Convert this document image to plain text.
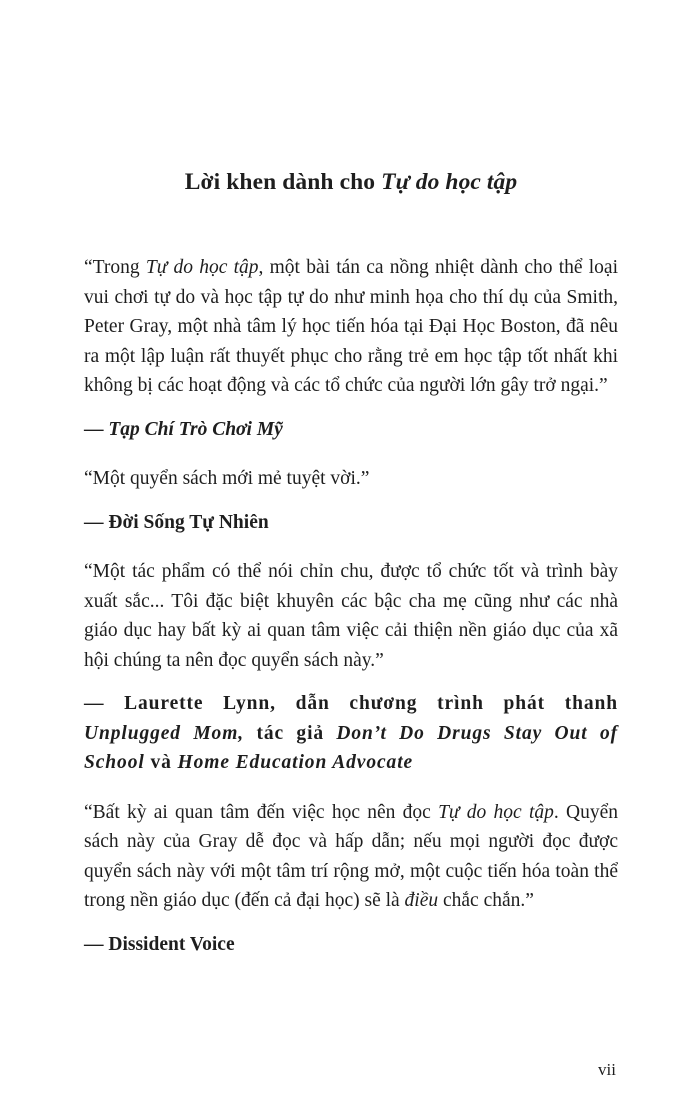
Lời khen dành cho Tự do học tập

“Trong Tự do học tập, một bài tán ca nồng nhiệt dành cho thể loại vui chơi tự do và học tập tự do như minh họa cho thí dụ của Smith, Peter Gray, một nhà tâm lý học tiến hóa tại Đại Học Boston, đã nêu ra một lập luận rất thuyết phục cho rằng trẻ em học tập tốt nhất khi không bị các hoạt động và các tổ chức của người lớn gây trở ngại.”

— Tạp Chí Trò Chơi Mỹ

“Một quyển sách mới mẻ tuyệt vời.”

— Đời Sống Tự Nhiên

“Một tác phẩm có thể nói chỉn chu, được tổ chức tốt và trình bày xuất sắc... Tôi đặc biệt khuyên các bậc cha mẹ cũng như các nhà giáo dục hay bất kỳ ai quan tâm việc cải thiện nền giáo dục của xã hội chúng ta nên đọc quyển sách này.”

— Laurette Lynn, dẫn chương trình phát thanh Unplugged Mom, tác giả Don’t Do Drugs Stay Out of School và Home Education Advocate

“Bất kỳ ai quan tâm đến việc học nên đọc Tự do học tập. Quyển sách này của Gray dễ đọc và hấp dẫn; nếu mọi người đọc được quyển sách này với một tâm trí rộng mở, một cuộc tiến hóa toàn thể trong nền giáo dục (đến cả đại học) sẽ là điều chắc chắn.”

— Dissident Voice

vii
